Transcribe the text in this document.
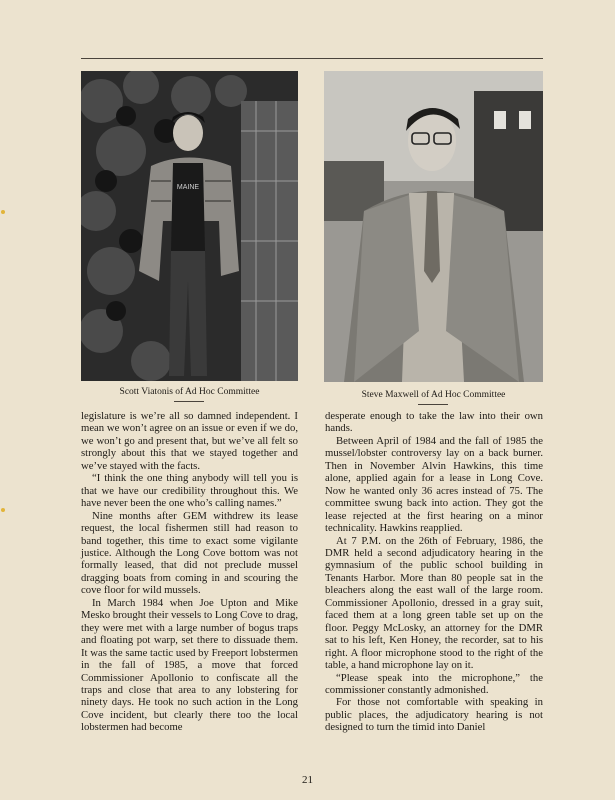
MAINE
Scott Viatonis of Ad Hoc Committee	Steve Maxwell of Ad Hoc Committee

legislature is we’re all so damned independent. I mean we won’t agree on an issue or even if we do, we won’t go and present that, but we’ve all felt so strongly about this that we stayed together and we’ve stayed with the facts.

“I think the one thing anybody will tell you is that we have our credibility throughout this. We have never been the one who’s calling names.”

Nine months after GEM withdrew its lease request, the local fishermen still had reason to band together, this time to exact some vigilante justice. Although the Long Cove bottom was not formally leased, that did not preclude mussel dragging boats from coming in and scouring the cove floor for wild mussels.

In March 1984 when Joe Upton and Mike Mesko brought their vessels to Long Cove to drag, they were met with a large number of bogus traps and floating pot warp, set there to dissuade them. It was the same tactic used by Freeport lobstermen in the fall of 1985, a move that forced Commissioner Apollonio to confiscate all the traps and close that area to any lobstering for ninety days. He took no such action in the Long Cove incident, but clearly there too the local lobstermen had become

desperate enough to take the law into their own hands.

Between April of 1984 and the fall of 1985 the mussel/lobster controversy lay on a back burner. Then in November Alvin Hawkins, this time alone, applied again for a lease in Long Cove. Now he wanted only 36 acres instead of 75. The committee swung back into action. They got the lease rejected at the first hearing on a minor technicality. Hawkins reapplied.

At 7 P.M. on the 26th of February, 1986, the DMR held a second adjudicatory hearing in the gymnasium of the public school building in Tenants Harbor. More than 80 people sat in the bleachers along the east wall of the large room. Commissioner Apollonio, dressed in a gray suit, faced them at a long green table set up on the floor. Peggy McLosky, an attorney for the DMR sat to his left, Ken Honey, the recorder, sat to his right. A floor microphone stood to the right of the table, a hand microphone lay on it.

“Please speak into the microphone,” the commissioner constantly admonished.

For those not comfortable with speaking in public places, the adjudicatory hearing is not designed to turn the timid into Daniel

21
